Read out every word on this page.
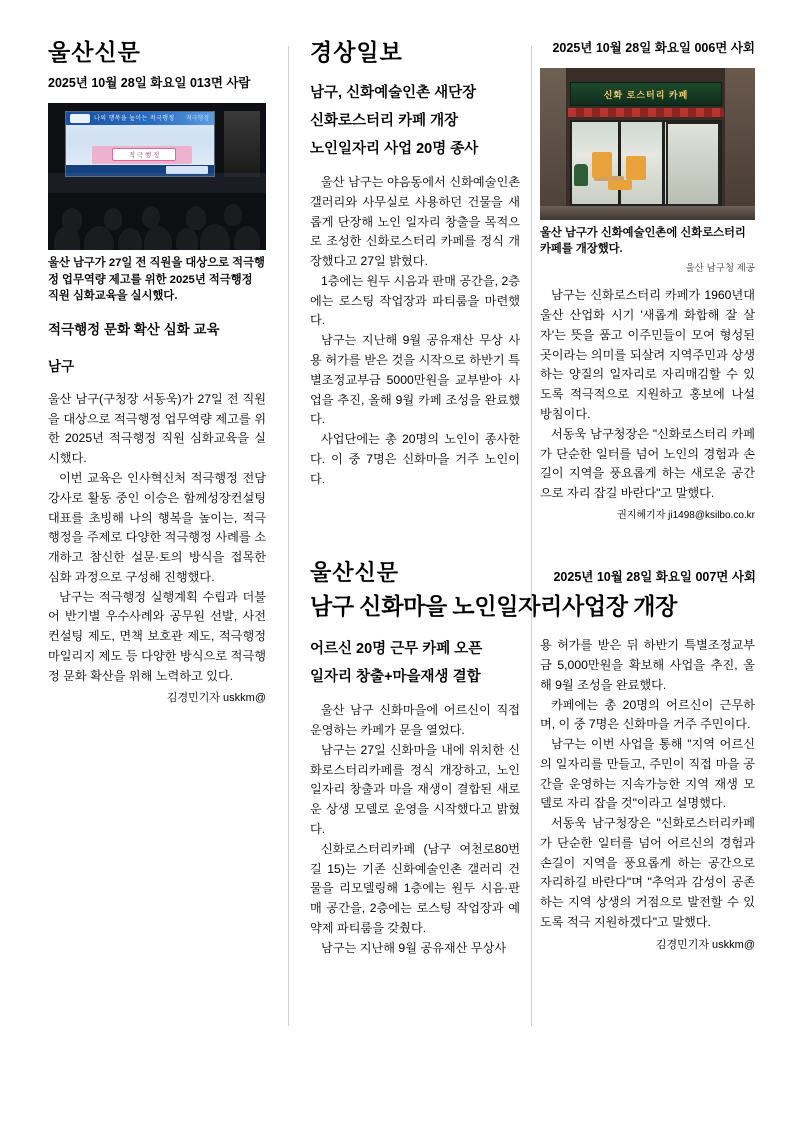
울산신문
2025년 10월 28일 화요일 013면 사람
나의 행복을 높이는 적극행정 적극행정
적 극 행 정
울산 남구가 27일 전 직원을 대상으로 적극행정 업무역량 제고를 위한 2025년 적극행정 직원 심화교육을 실시했다.
적극행정 문화 확산 심화 교육
남구

울산 남구(구청장 서동욱)가 27일 전 직원을 대상으로 적극행정 업무역량 제고를 위한 2025년 적극행정 직원 심화교육을 실시했다.

이번 교육은 인사혁신처 적극행정 전담강사로 활동 중인 이승은 함께성장컨설팅 대표를 초빙해 나의 행복을 높이는, 적극행정을 주제로 다양한 적극행정 사례를 소개하고 참신한 설문·토의 방식을 접목한 심화 과정으로 구성해 진행했다.

남구는 적극행정 실행계획 수립과 더불어 반기별 우수사례와 공무원 선발, 사전컨설팅 제도, 면책 보호관 제도, 적극행정 마일리지 제도 등 다양한 방식으로 적극행정 문화 확산을 위해 노력하고 있다.

김경민기자 uskkm@
경상일보
남구, 신화예술인촌 새단장
신화로스터리 카페 개장
노인일자리 사업 20명 종사

울산 남구는 야음동에서 신화예술인촌 갤러리와 사무실로 사용하던 건물을 새롭게 단장해 노인 일자리 창출을 목적으로 조성한 신화로스터리 카페를 정식 개장했다고 27일 밝혔다.

1층에는 원두 시음과 판매 공간을, 2층에는 로스팅 작업장과 파티룸을 마련했다.

남구는 지난해 9월 공유재산 무상 사용 허가를 받은 것을 시작으로 하반기 특별조정교부금 5000만원을 교부받아 사업을 추진, 올해 9월 카페 조성을 완료했다.

사업단에는 총 20명의 노인이 종사한다. 이 중 7명은 신화마을 거주 노인이다.

2025년 10월 28일 화요일 006면 사회
신화 로스터리 카페
울산 남구가 신화예술인촌에 신화로스터리 카페를 개장했다.
울산 남구청 제공

남구는 신화로스터리 카페가 1960년대 울산 산업화 시기 '새롭게 화합해 잘 살자'는 뜻을 품고 이주민들이 모여 형성된 곳이라는 의미를 되살려 지역주민과 상생하는 양질의 일자리로 자리매김할 수 있도록 적극적으로 지원하고 홍보에 나설 방침이다.

서동욱 남구청장은 "신화로스터리 카페가 단순한 일터를 넘어 노인의 경험과 손길이 지역을 풍요롭게 하는 새로운 공간으로 자리 잡길 바란다"고 말했다.

권지혜기자 ji1498@ksilbo.co.kr
울산신문	2025년 10월 28일 화요일 007면 사회
남구 신화마을 노인일자리사업장 개장
어르신 20명 근무 카페 오픈
일자리 창출+마을재생 결합

울산 남구 신화마을에 어르신이 직접 운영하는 카페가 문을 열었다.

남구는 27일 신화마을 내에 위치한 신화로스터리카페를 정식 개장하고, 노인 일자리 창출과 마을 재생이 결합된 새로운 상생 모델로 운영을 시작했다고 밝혔다.

신화로스터리카페 (남구 여천로80번길 15)는 기존 신화예술인촌 갤러리 건물을 리모델링해 1층에는 원두 시음·판매 공간을, 2층에는 로스팅 작업장과 예약제 파티룸을 갖췄다.

남구는 지난해 9월 공유재산 무상사

용 허가를 받은 뒤 하반기 특별조정교부금 5,000만원을 확보해 사업을 추진, 올해 9월 조성을 완료했다.

카페에는 총 20명의 어르신이 근무하며, 이 중 7명은 신화마을 거주 주민이다.

남구는 이번 사업을 통해 "지역 어르신의 일자리를 만들고, 주민이 직접 마을 공간을 운영하는 지속가능한 지역 재생 모델로 자리 잡을 것"이라고 설명했다.

서동욱 남구청장은 "신화로스터리카페가 단순한 일터를 넘어 어르신의 경험과 손길이 지역을 풍요롭게 하는 공간으로 자리하길 바란다"며 "추억과 감성이 공존하는 지역 상생의 거점으로 발전할 수 있도록 적극 지원하겠다"고 말했다.

김경민기자 uskkm@
